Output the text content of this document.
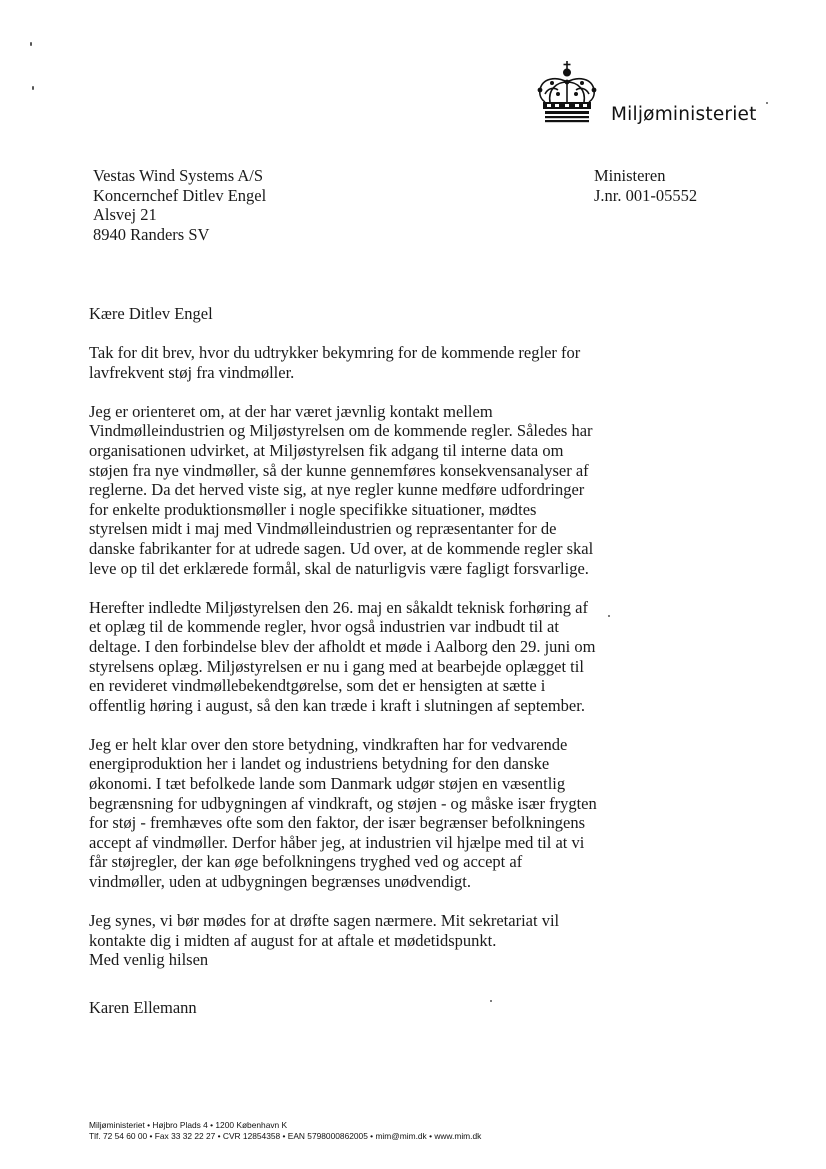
Miljøministeriet
Vestas Wind Systems A/S
Koncernchef Ditlev Engel
Alsvej 21
8940 Randers SV
Ministeren
J.nr. 001-05552
Kære Ditlev Engel

Tak for dit brev, hvor du udtrykker bekymring for de kommende regler for
lavfrekvent støj fra vindmøller.

Jeg er orienteret om, at der har været jævnlig kontakt mellem
Vindmølleindustrien og Miljøstyrelsen om de kommende regler. Således har
organisationen udvirket, at Miljøstyrelsen fik adgang til interne data om
støjen fra nye vindmøller, så der kunne gennemføres konsekvensanalyser af
reglerne. Da det herved viste sig, at nye regler kunne medføre udfordringer
for enkelte produktionsmøller i nogle specifikke situationer, mødtes
styrelsen midt i maj med Vindmølleindustrien og repræsentanter for de
danske fabrikanter for at udrede sagen. Ud over, at de kommende regler skal
leve op til det erklærede formål, skal de naturligvis være fagligt forsvarlige.

Herefter indledte Miljøstyrelsen den 26. maj en såkaldt teknisk forhøring af
et oplæg til de kommende regler, hvor også industrien var indbudt til at
deltage. I den forbindelse blev der afholdt et møde i Aalborg den 29. juni om
styrelsens oplæg. Miljøstyrelsen er nu i gang med at bearbejde oplægget til
en revideret vindmøllebekendtgørelse, som det er hensigten at sætte i
offentlig høring i august, så den kan træde i kraft i slutningen af september.

Jeg er helt klar over den store betydning, vindkraften har for vedvarende
energiproduktion her i landet og industriens betydning for den danske
økonomi. I tæt befolkede lande som Danmark udgør støjen en væsentlig
begrænsning for udbygningen af vindkraft, og støjen - og måske især frygten
for støj - fremhæves ofte som den faktor, der især begrænser befolkningens
accept af vindmøller. Derfor håber jeg, at industrien vil hjælpe med til at vi
får støjregler, der kan øge befolkningens tryghed ved og accept af
vindmøller, uden at udbygningen begrænses unødvendigt.

Jeg synes, vi bør mødes for at drøfte sagen nærmere. Mit sekretariat vil
kontakte dig i midten af august for at aftale et mødetidspunkt.

Med venlig hilsen
Karen Ellemann
Miljøministeriet • Højbro Plads 4 • 1200 København K
Tlf. 72 54 60 00 • Fax 33 32 22 27 • CVR 12854358 • EAN 5798000862005 • mim@mim.dk • www.mim.dk
